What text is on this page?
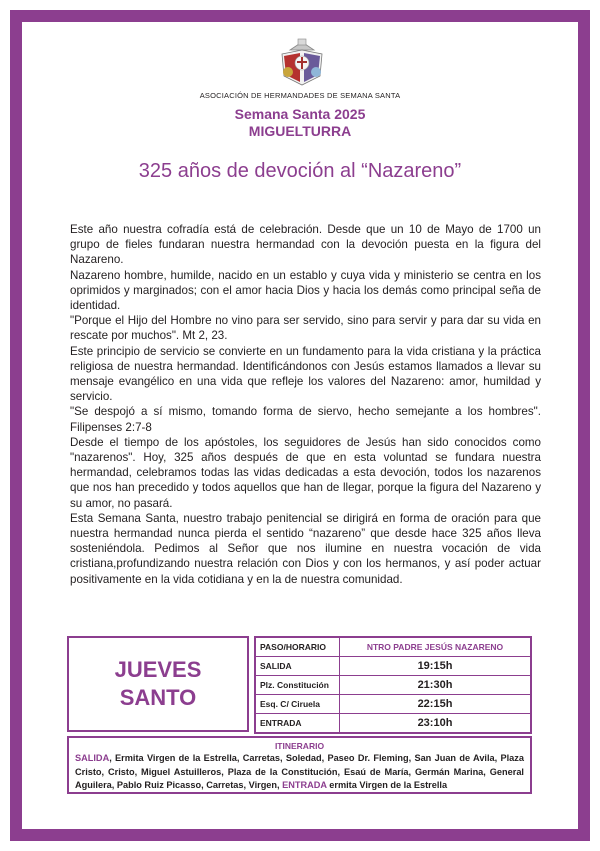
ASOCIACIÓN DE HERMANDADES DE SEMANA SANTA
Semana Santa 2025
MIGUELTURRA
325 años de devoción al “Nazareno”

Este año nuestra cofradía está de celebración. Desde que un 10 de Mayo de 1700 un grupo de fieles fundaran nuestra hermandad con la devoción puesta en la figura del Nazareno.

Nazareno hombre, humilde, nacido en un establo y cuya vida y ministerio se centra en los oprimidos y marginados; con el amor hacia Dios y hacia los demás como principal seña de identidad.

"Porque el Hijo del Hombre no vino para ser servido, sino para servir y para dar su vida en rescate por muchos". Mt 2, 23.

Este principio de servicio se convierte en un fundamento para la vida cristiana y la práctica religiosa de nuestra hermandad. Identificándonos con Jesús estamos llamados a llevar su mensaje evangélico en una vida que refleje los valores del Nazareno: amor, humildad y servicio.

"Se despojó a sí mismo, tomando forma de siervo, hecho semejante a los hombres". Filipenses 2:7-8

Desde el tiempo de los apóstoles, los seguidores de Jesús han sido conocidos como "nazarenos". Hoy, 325 años después de que en esta voluntad se fundara nuestra hermandad, celebramos todas las vidas dedicadas a esta devoción, todos los nazarenos que nos han precedido y todos aquellos que han de llegar, porque la figura del Nazareno y su amor, no pasará.

Esta Semana Santa, nuestro trabajo penitencial se dirigirá en forma de oración para que nuestra hermandad nunca pierda el sentido “nazareno” que desde hace 325 años lleva sosteniéndola. Pedimos al Señor que nos ilumine en nuestra vocación de vida cristiana,profundizando nuestra relación con Dios y con los hermanos, y así poder actuar positivamente en la vida cotidiana y en la de nuestra comunidad.

JUEVES
SANTO
PASO/HORARIO	NTRO PADRE JESÚS NAZARENO
SALIDA	19:15h
Plz. Constitución	21:30h
Esq. C/ Ciruela	22:15h
ENTRADA	23:10h
ITINERARIO
SALIDA, Ermita Virgen de la Estrella, Carretas, Soledad, Paseo Dr. Fleming, San Juan de Avila, Plaza Cristo, Cristo, Miguel Astuilleros, Plaza de la Constitución, Esaú de María, Germán Marina, General Aguilera, Pablo Ruiz Picasso, Carretas, Virgen, ENTRADA ermita Virgen de la Estrella
